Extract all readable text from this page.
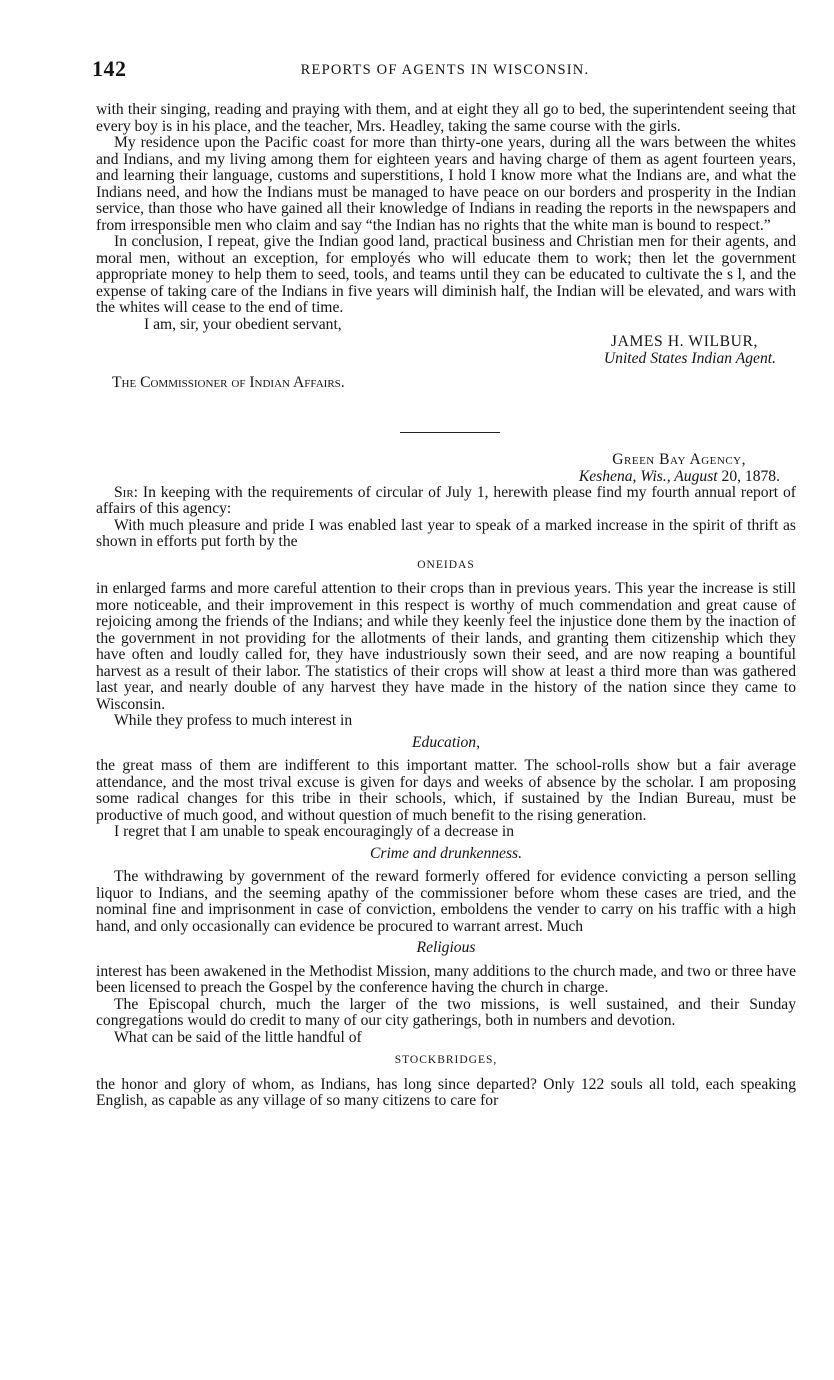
142	REPORTS OF AGENTS IN WISCONSIN.

with their singing, reading and praying with them, and at eight they all go to bed, the superintendent seeing that every boy is in his place, and the teacher, Mrs. Headley, taking the same course with the girls.

My residence upon the Pacific coast for more than thirty-one years, during all the wars between the whites and Indians, and my living among them for eighteen years and having charge of them as agent fourteen years, and learning their language, customs and superstitions, I hold I know more what the Indians are, and what the Indians need, and how the Indians must be managed to have peace on our borders and prosperity in the Indian service, than those who have gained all their knowledge of Indians in reading the reports in the newspapers and from irresponsible men who claim and say “the Indian has no rights that the white man is bound to respect.”

In conclusion, I repeat, give the Indian good land, practical business and Christian men for their agents, and moral men, without an exception, for employés who will educate them to work; then let the government appropriate money to help them to seed, tools, and teams until they can be educated to cultivate the s l, and the expense of taking care of the Indians in five years will diminish half, the Indian will be elevated, and wars with the whites will cease to the end of time.

I am, sir, your obedient servant,

JAMES H. WILBUR,
United States Indian Agent.

The Commissioner of Indian Affairs.

Green Bay Agency,
Keshena, Wis., August 20, 1878.

Sir: In keeping with the requirements of circular of July 1, herewith please find my fourth annual report of affairs of this agency:

With much pleasure and pride I was enabled last year to speak of a marked increase in the spirit of thrift as shown in efforts put forth by the

ONEIDAS

in enlarged farms and more careful attention to their crops than in previous years. This year the increase is still more noticeable, and their improvement in this respect is worthy of much commendation and great cause of rejoicing among the friends of the Indians; and while they keenly feel the injustice done them by the inaction of the government in not providing for the allotments of their lands, and granting them citizenship which they have often and loudly called for, they have industriously sown their seed, and are now reaping a bountiful harvest as a result of their labor. The statistics of their crops will show at least a third more than was gathered last year, and nearly double of any harvest they have made in the history of the nation since they came to Wisconsin.

While they profess to much interest in

Education,

the great mass of them are indifferent to this important matter. The school-rolls show but a fair average attendance, and the most trival excuse is given for days and weeks of absence by the scholar. I am proposing some radical changes for this tribe in their schools, which, if sustained by the Indian Bureau, must be productive of much good, and without question of much benefit to the rising generation.

I regret that I am unable to speak encouragingly of a decrease in

Crime and drunkenness.

The withdrawing by government of the reward formerly offered for evidence convicting a person selling liquor to Indians, and the seeming apathy of the commissioner before whom these cases are tried, and the nominal fine and imprisonment in case of conviction, emboldens the vender to carry on his traffic with a high hand, and only occasionally can evidence be procured to warrant arrest. Much

Religious

interest has been awakened in the Methodist Mission, many additions to the church made, and two or three have been licensed to preach the Gospel by the conference having the church in charge.

The Episcopal church, much the larger of the two missions, is well sustained, and their Sunday congregations would do credit to many of our city gatherings, both in numbers and devotion.

What can be said of the little handful of

STOCKBRIDGES,

the honor and glory of whom, as Indians, has long since departed? Only 122 souls all told, each speaking English, as capable as any village of so many citizens to care for
